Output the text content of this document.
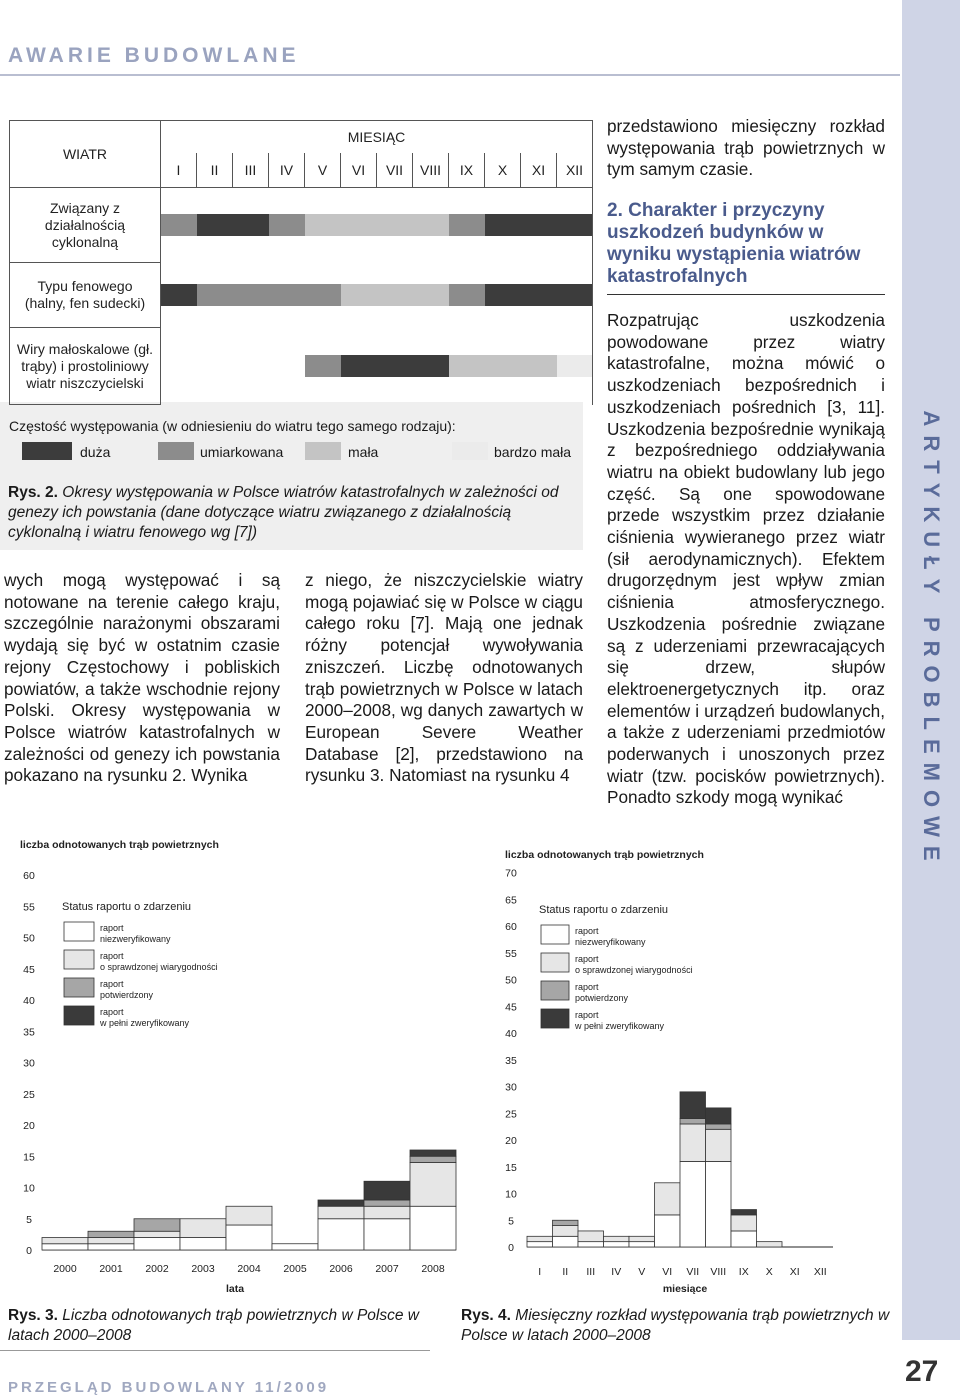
AWARIE BUDOWLANE
ARTYKUŁY PROBLEMOWE
WIATR	MIESIĄC											
	I	II	III	IV	V	VI	VII	VIII	IX	X	XI	XII
Związany z działalnością cyklonalną	

Typu fenowego (halny, fen sudecki)	

Wiry małoskalowe (gł. trąby) i prostoliniowy wiatr niszczycielski	

Częstość występowania (w odniesieniu do wiatru tego samego rodzaju):
duża	umiarkowana	mała	bardzo mała
Rys. 2. Okresy występowania w Polsce wiatrów katastrofalnych w zależności od genezy ich powstania (dane dotyczące wiatru związanego z działalnością cyklonalną i wiatru fenowego wg [7])

wych mogą występować i są notowane na terenie całego kraju, szczególnie narażonymi obszarami wydają się być w ostatnim czasie rejony Częstochowy i pobliskich powiatów, a także wschodnie rejony Polski. Okresy występowania w Polsce wiatrów katastrofalnych w zależności od genezy ich powstania pokazano na rysunku 2. Wynika

z niego, że niszczycielskie wiatry mogą pojawiać się w Polsce w ciągu całego roku [7]. Mają one jednak różny potencjał wywoływania zniszczeń. Liczbę odnotowanych trąb powietrznych w Polsce w latach 2000–2008, wg danych zawartych w European Severe Weather Database [2], przedstawiono na rysunku 3. Natomiast na rysunku 4

przedstawiono miesięczny rozkład występowania trąb powietrznych w tym samym czasie.

2. Charakter i przyczyny uszkodzeń budynków w wyniku wystąpienia wiatrów katastrofalnych

Rozpatrując uszkodzenia powodowane przez wiatry katastrofalne, można mówić o uszkodzeniach bezpośrednich i uszkodzeniach pośrednich [3, 11]. Uszkodzenia bezpośrednie wynikają z bezpośredniego oddziaływania wiatru na obiekt budowlany lub jego część. Są one spowodowane przede wszystkim przez działanie ciśnienia wywieranego przez wiatr (sił aerodynamicznych). Efektem drugorzędnym jest wpływ zmian ciśnienia atmosferycznego. Uszkodzenia pośrednie związane są z uderzeniami przewracających się drzew, słupów elektroenergetycznych itp. oraz elementów i urządzeń budowlanych, a także z uderzeniami przedmiotów poderwanych i unoszonych przez wiatr (tzw. pocisków powietrznych). Ponadto szkody mogą wynikać

liczba odnotowanych trąb powietrznych
0
5
10
15
20
25
30
35
40
45
50
55
60
2000 2001 2002 2003 2004 2005 2006 2007 2008
lata
Status raportu o zdarzeniu
raport niezweryfikowany
raport o sprawdzonej wiarygodności
raport potwierdzony
raport w pełni zweryfikowany
liczba odnotowanych trąb powietrznych
0
5
10
15
20
25
30
35
40
45
50
55
60
65
70
I II III IV V VI VII VIII IX X XI XII
miesiące
Status raportu o zdarzeniu
raport niezweryfikowany
raport o sprawdzonej wiarygodności
raport potwierdzony
raport w pełni zweryfikowany
Rys. 3. Liczba odnotowanych trąb powietrznych w Polsce w latach 2000–2008
Rys. 4. Miesięczny rozkład występowania trąb powietrznych w Polsce w latach 2000–2008
PRZEGLĄD BUDOWLANY 11/2009	27
